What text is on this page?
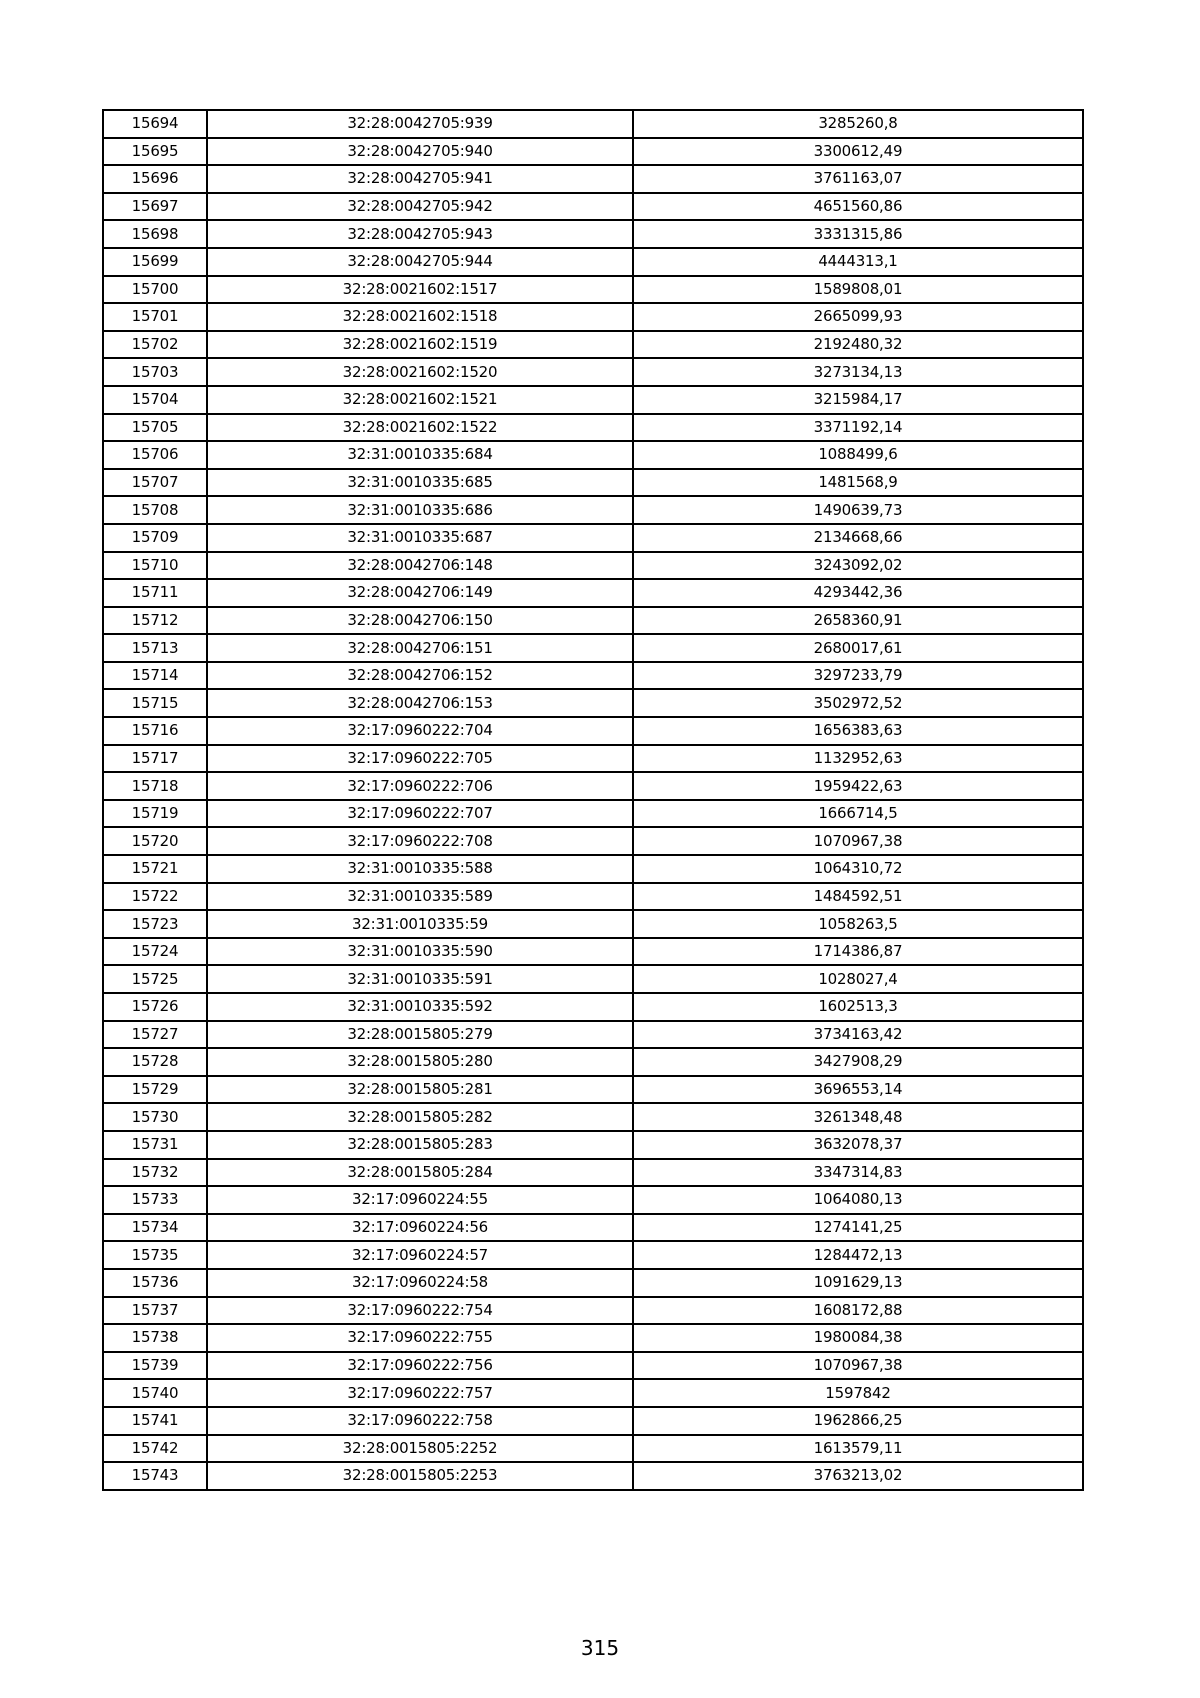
15694	32:28:0042705:939	3285260,8
15695	32:28:0042705:940	3300612,49
15696	32:28:0042705:941	3761163,07
15697	32:28:0042705:942	4651560,86
15698	32:28:0042705:943	3331315,86
15699	32:28:0042705:944	4444313,1
15700	32:28:0021602:1517	1589808,01
15701	32:28:0021602:1518	2665099,93
15702	32:28:0021602:1519	2192480,32
15703	32:28:0021602:1520	3273134,13
15704	32:28:0021602:1521	3215984,17
15705	32:28:0021602:1522	3371192,14
15706	32:31:0010335:684	1088499,6
15707	32:31:0010335:685	1481568,9
15708	32:31:0010335:686	1490639,73
15709	32:31:0010335:687	2134668,66
15710	32:28:0042706:148	3243092,02
15711	32:28:0042706:149	4293442,36
15712	32:28:0042706:150	2658360,91
15713	32:28:0042706:151	2680017,61
15714	32:28:0042706:152	3297233,79
15715	32:28:0042706:153	3502972,52
15716	32:17:0960222:704	1656383,63
15717	32:17:0960222:705	1132952,63
15718	32:17:0960222:706	1959422,63
15719	32:17:0960222:707	1666714,5
15720	32:17:0960222:708	1070967,38
15721	32:31:0010335:588	1064310,72
15722	32:31:0010335:589	1484592,51
15723	32:31:0010335:59	1058263,5
15724	32:31:0010335:590	1714386,87
15725	32:31:0010335:591	1028027,4
15726	32:31:0010335:592	1602513,3
15727	32:28:0015805:279	3734163,42
15728	32:28:0015805:280	3427908,29
15729	32:28:0015805:281	3696553,14
15730	32:28:0015805:282	3261348,48
15731	32:28:0015805:283	3632078,37
15732	32:28:0015805:284	3347314,83
15733	32:17:0960224:55	1064080,13
15734	32:17:0960224:56	1274141,25
15735	32:17:0960224:57	1284472,13
15736	32:17:0960224:58	1091629,13
15737	32:17:0960222:754	1608172,88
15738	32:17:0960222:755	1980084,38
15739	32:17:0960222:756	1070967,38
15740	32:17:0960222:757	1597842
15741	32:17:0960222:758	1962866,25
15742	32:28:0015805:2252	1613579,11
15743	32:28:0015805:2253	3763213,02
315
